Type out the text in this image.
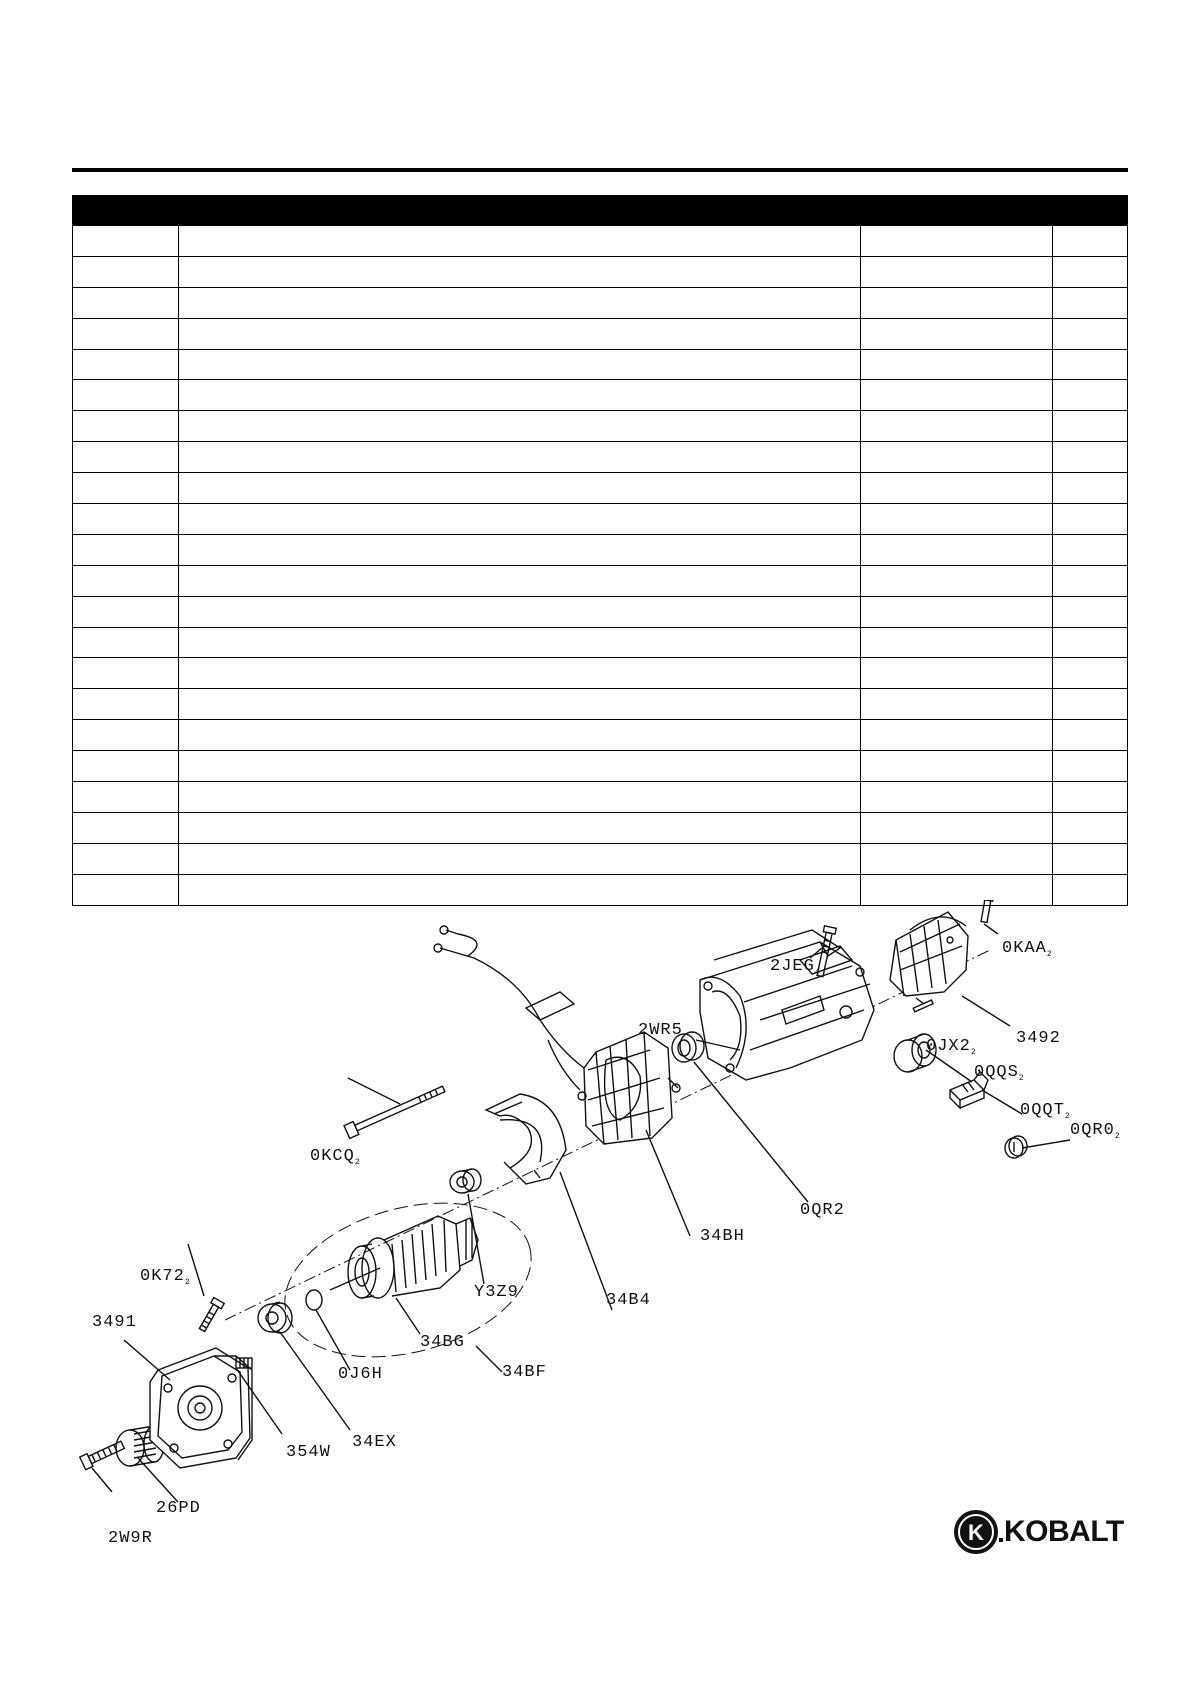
$0KAA_2$
$2JEG_4$
3492
2WR5
$0JX2_2$
$0QQS_2$
$0QQT_2$
$0QR0_2$
$0KCQ_2$
0QR2
34BH
$0K72_2$
Y3Z9	34B4
3491
34BG
0J6H	34BF
354W
34EX
26PD
2W9R	K KOBALT
